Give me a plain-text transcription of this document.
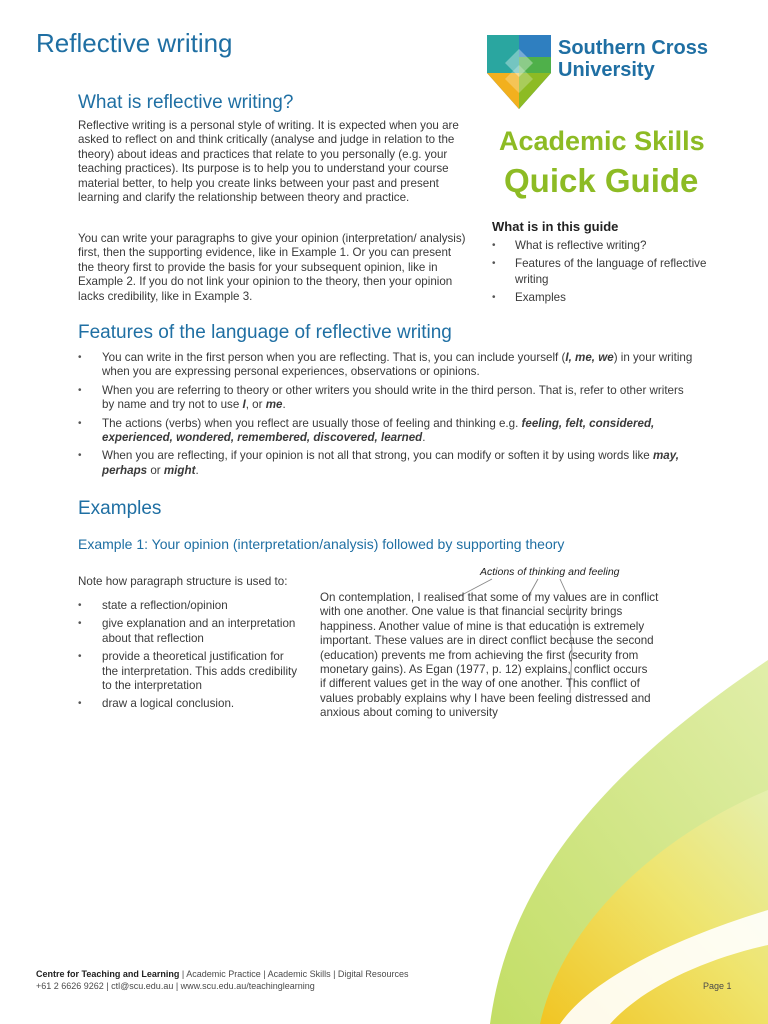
Reflective writing	Southern Cross
University
Academic Skills
Quick Guide
What is in this guide
• What is reflective writing?
• Features of the language of reflective writing
• Examples
What is reflective writing?

Reflective writing is a personal style of writing. It is expected when you are asked to reflect on and think critically (analyse and judge in relation to the theory) about ideas and practices that relate to you personally (e.g. your teaching practices). Its purpose is to help you to understand your course material better, to help you create links between your past and present learning and clarify the relationship between theory and practice.

You can write your paragraphs to give your opinion (interpretation/ analysis) first, then the supporting evidence, like in Example 1. Or you can present the theory first to provide the basis for your subsequent opinion, like in Example 2. If you do not link your opinion to the theory, then your opinion lacks credibility, like in Example 3.

Features of the language of reflective writing
• You can write in the first person when you are reflecting. That is, you can include yourself (I, me, we) in your writing when you are expressing personal experiences, observations or opinions.
• When you are referring to theory or other writers you should write in the third person. That is, refer to other writers by name and try not to use I, or me.
• The actions (verbs) when you reflect are usually those of feeling and thinking e.g. feeling, felt, considered, experienced, wondered, remembered, discovered, learned.
• When you are reflecting, if your opinion is not all that strong, you can modify or soften it by using words like may, perhaps or might.
Examples
Example 1: Your opinion (interpretation/analysis) followed by supporting theory

Note how paragraph structure is used to:

• state a reflection/opinion
• give explanation and an interpretation about that reflection
• provide a theoretical justification for the interpretation. This adds credibility to the interpretation
• draw a logical conclusion.
Actions of thinking and feeling
On contemplation, I realised that some of my values are in conflict
with one another. One value is that financial security brings
happiness. Another value of mine is that education is extremely
important. These values are in direct conflict because the second
(education) prevents me from achieving the first (security from
monetary gains). As Egan (1977, p. 12) explains, conflict occurs
if different values get in the way of one another. This conflict of
values probably explains why I have been feeling distressed and
anxious about coming to university
Centre for Teaching and Learning | Academic Practice | Academic Skills | Digital Resources
+61 2 6626 9262 | ctl@scu.edu.au | www.scu.edu.au/teachinglearning	Page 1
